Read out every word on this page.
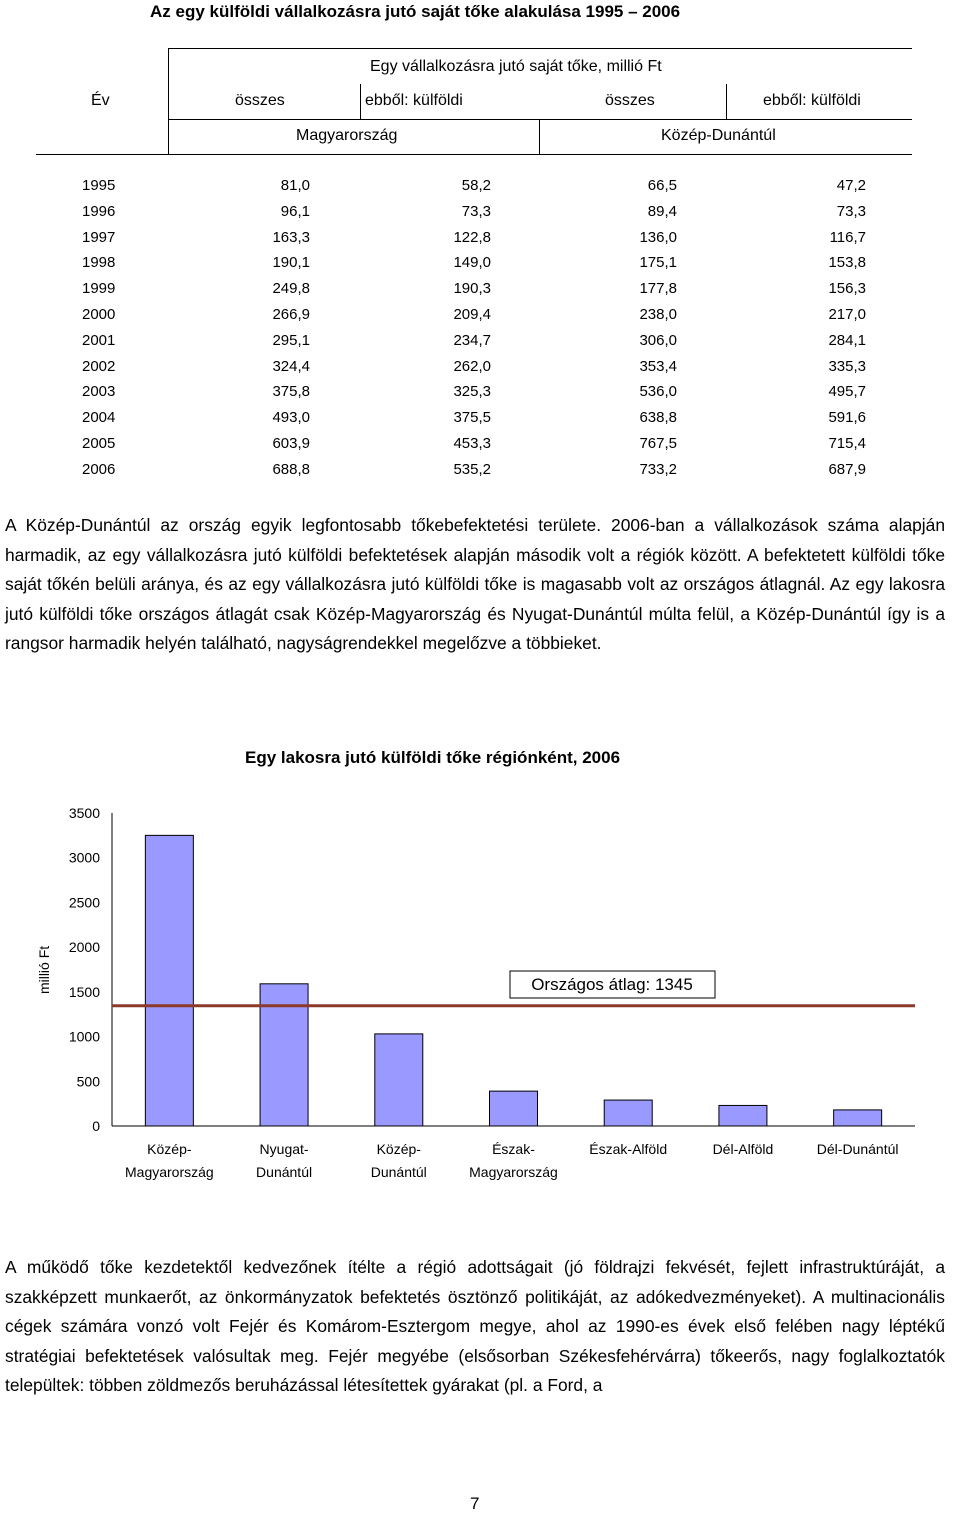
Az egy külföldi vállalkozásra jutó saját tőke alakulása 1995 – 2006
Egy vállalkozásra jutó saját tőke, millió Ft
Év	összes	ebből: külföldi	összes	ebből: külföldi
Magyarország	Közép-Dunántúl
1995	81,0	58,2	66,5	47,2
1996	96,1	73,3	89,4	73,3
1997	163,3	122,8	136,0	116,7
1998	190,1	149,0	175,1	153,8
1999	249,8	190,3	177,8	156,3
2000	266,9	209,4	238,0	217,0
2001	295,1	234,7	306,0	284,1
2002	324,4	262,0	353,4	335,3
2003	375,8	325,3	536,0	495,7
2004	493,0	375,5	638,8	591,6
2005	603,9	453,3	767,5	715,4
2006	688,8	535,2	733,2	687,9
A Közép-Dunántúl az ország egyik legfontosabb tőkebefektetési területe. 2006-ban a vállalkozások száma alapján harmadik, az egy vállalkozásra jutó külföldi befektetések alapján második volt a régiók között. A befektetett külföldi tőke saját tőkén belüli aránya, és az egy vállalkozásra jutó külföldi tőke is magasabb volt az országos átlagnál. Az egy lakosra jutó külföldi tőke országos átlagát csak Közép-Magyarország és Nyugat-Dunántúl múlta felül, a Közép-Dunántúl így is a rangsor harmadik helyén található, nagyságrendekkel megelőzve a többieket.
Egy lakosra jutó külföldi tőke régiónként, 2006
0
500
1000
1500
2000
2500
3000
3500
millió Ft
Közép-
Magyarország
Nyugat-
Dunántúl
Közép-
Dunántúl
Észak-
Magyarország
Észak-Alföld	Dél-Alföld	Dél-Dunántúl
Országos átlag: 1345
A működő tőke kezdetektől kedvezőnek ítélte a régió adottságait (jó földrajzi fekvését, fejlett infrastruktúráját, a szakképzett munkaerőt, az önkormányzatok befektetés ösztönző politikáját, az adókedvezményeket). A multinacionális cégek számára vonzó volt Fejér és Komárom-Esztergom megye, ahol az 1990-es évek első felében nagy léptékű stratégiai befektetések valósultak meg. Fejér megyébe (elsősorban Székesfehérvárra) tőkeerős, nagy foglalkoztatók települtek: többen zöldmezős beruházással létesítettek gyárakat (pl. a Ford, a
7
